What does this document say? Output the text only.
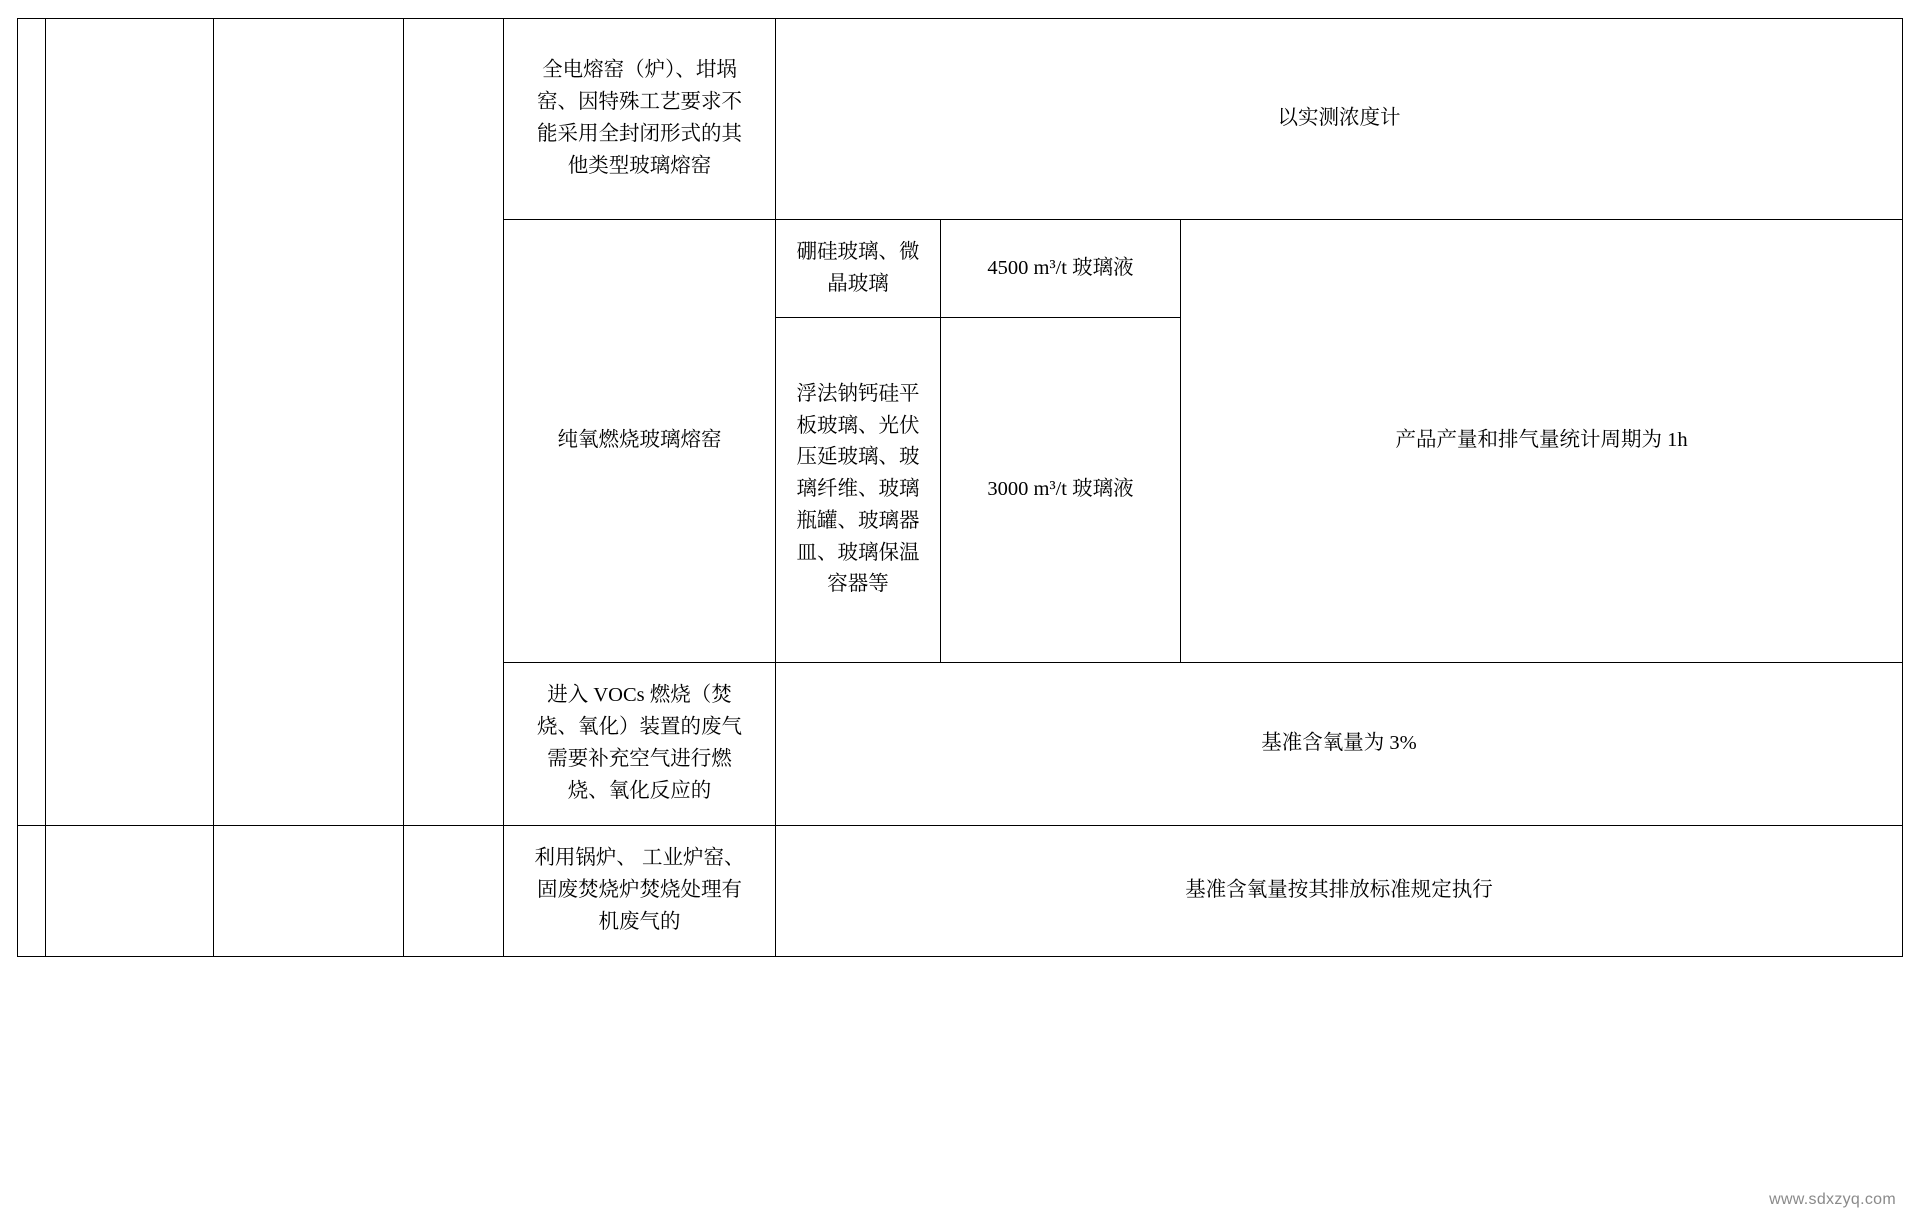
				全电熔窑（炉）、坩埚窑、因特殊工艺要求不能采用全封闭形式的其他类型玻璃熔窑	以实测浓度计		
				纯氧燃烧玻璃熔窑	硼硅玻璃、微晶玻璃	4500 m³/t 玻璃液	产品产量和排气量统计周期为 1h

					浮法钠钙硅平板玻璃、光伏压延玻璃、玻璃纤维、玻璃瓶罐、玻璃器皿、玻璃保温容器等	3000 m³/t 玻璃液	

				进入 VOCs 燃烧（焚烧、氧化）装置的废气需要补充空气进行燃烧、氧化反应的	基准含氧量为 3%		

				利用锅炉、 工业炉窑、固废焚烧炉焚烧处理有机废气的	基准含氧量按其排放标准规定执行		
www.sdxzyq.com
